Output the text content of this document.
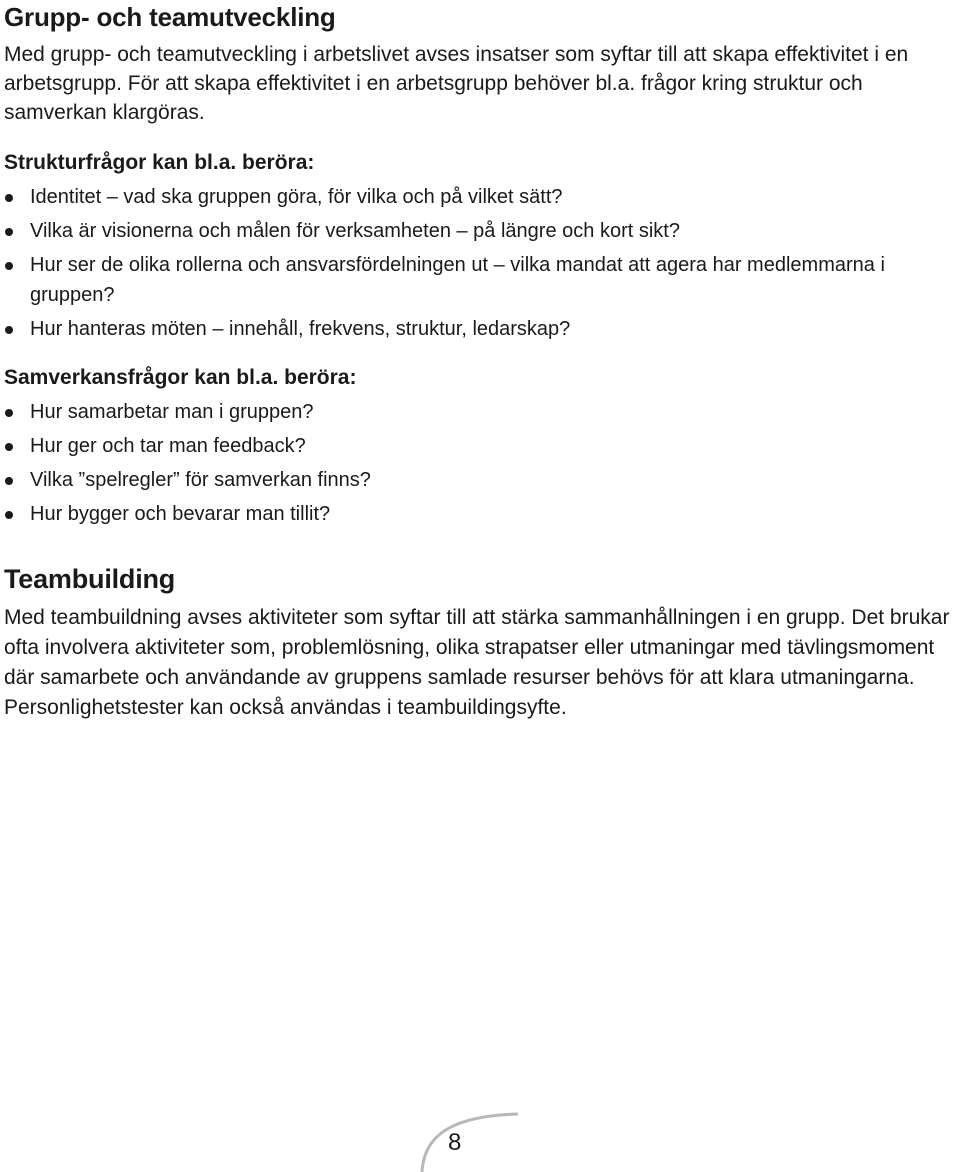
Grupp- och teamutveckling

Med grupp- och teamutveckling i arbetslivet avses insatser som syftar till att skapa effektivitet i en arbetsgrupp. För att skapa effektivitet i en arbetsgrupp behöver bl.a. frågor kring struktur och samverkan klargöras.

Strukturfrågor kan bl.a. beröra:
Identitet – vad ska gruppen göra, för vilka och på vilket sätt?
Vilka är visionerna och målen för verksamheten – på längre och kort sikt?
Hur ser de olika rollerna och ansvarsfördelningen ut – vilka mandat att agera har medlemmarna i gruppen?
Hur hanteras möten – innehåll, frekvens, struktur, ledarskap?
Samverkansfrågor kan bl.a. beröra:
Hur samarbetar man i gruppen?
Hur ger och tar man feedback?
Vilka ”spelregler” för samverkan finns?
Hur bygger och bevarar man tillit?
Teambuilding

Med teambuildning avses aktiviteter som syftar till att stärka sammanhållningen i en grupp. Det brukar ofta involvera aktiviteter som, problemlösning, olika strapatser eller utmaningar med tävlingsmoment där samarbete och användande av gruppens samlade resurser behövs för att klara utmaningarna. Personlighetstester kan också användas i teambuildingsyfte.

8
